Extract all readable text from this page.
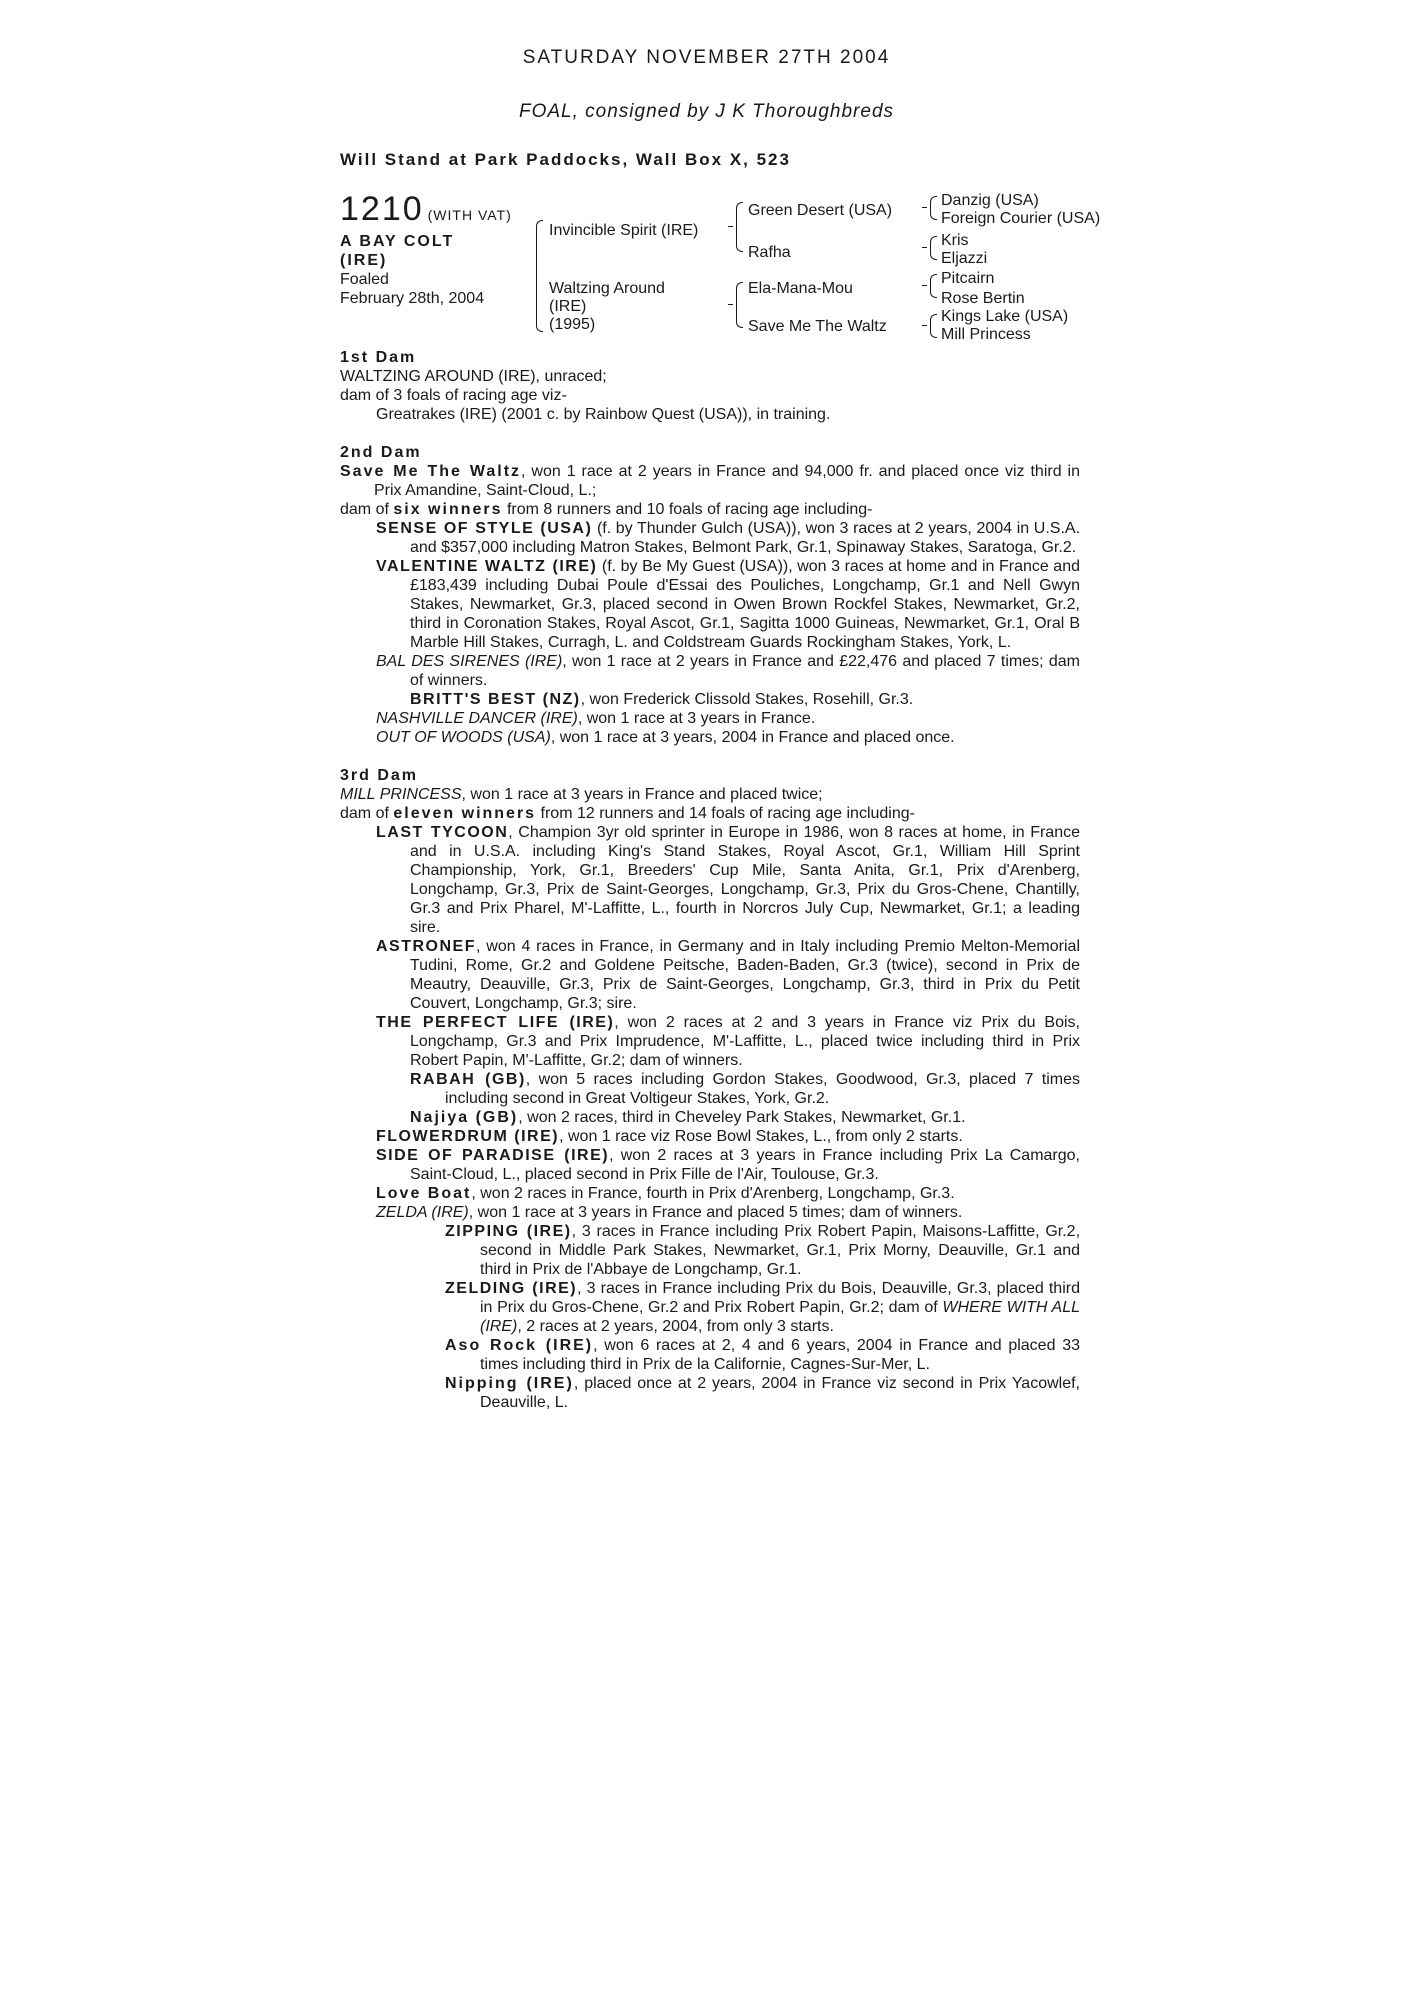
SATURDAY NOVEMBER 27TH 2004
FOAL, consigned by J K Thoroughbreds
Will Stand at Park Paddocks, Wall Box X, 523
1210 (WITH VAT)
A BAY COLT
(IRE)
Foaled
February 28th, 2004
Invincible Spirit (IRE)
Waltzing Around
(IRE)
(1995)
Green Desert (USA)
Rafha
Ela-Mana-Mou
Save Me The Waltz
Danzig (USA)
Foreign Courier (USA)
Kris
Eljazzi
Pitcairn
Rose Bertin
Kings Lake (USA)
Mill Princess

1st Dam

WALTZING AROUND (IRE), unraced;

dam of 3 foals of racing age viz-

Greatrakes (IRE) (2001 c. by Rainbow Quest (USA)), in training.

2nd Dam

Save Me The Waltz, won 1 race at 2 years in France and 94,000 fr. and placed once viz third in Prix Amandine, Saint-Cloud, L.;

dam of six winners from 8 runners and 10 foals of racing age including-

SENSE OF STYLE (USA) (f. by Thunder Gulch (USA)), won 3 races at 2 years, 2004 in U.S.A. and $357,000 including Matron Stakes, Belmont Park, Gr.1, Spinaway Stakes, Saratoga, Gr.2.

VALENTINE WALTZ (IRE) (f. by Be My Guest (USA)), won 3 races at home and in France and £183,439 including Dubai Poule d'Essai des Pouliches, Longchamp, Gr.1 and Nell Gwyn Stakes, Newmarket, Gr.3, placed second in Owen Brown Rockfel Stakes, Newmarket, Gr.2, third in Coronation Stakes, Royal Ascot, Gr.1, Sagitta 1000 Guineas, Newmarket, Gr.1, Oral B Marble Hill Stakes, Curragh, L. and Coldstream Guards Rockingham Stakes, York, L.

BAL DES SIRENES (IRE), won 1 race at 2 years in France and £22,476 and placed 7 times; dam of winners.

BRITT'S BEST (NZ), won Frederick Clissold Stakes, Rosehill, Gr.3.

NASHVILLE DANCER (IRE), won 1 race at 3 years in France.

OUT OF WOODS (USA), won 1 race at 3 years, 2004 in France and placed once.

3rd Dam

MILL PRINCESS, won 1 race at 3 years in France and placed twice;

dam of eleven winners from 12 runners and 14 foals of racing age including-

LAST TYCOON, Champion 3yr old sprinter in Europe in 1986, won 8 races at home, in France and in U.S.A. including King's Stand Stakes, Royal Ascot, Gr.1, William Hill Sprint Championship, York, Gr.1, Breeders' Cup Mile, Santa Anita, Gr.1, Prix d'Arenberg, Longchamp, Gr.3, Prix de Saint-Georges, Longchamp, Gr.3, Prix du Gros-Chene, Chantilly, Gr.3 and Prix Pharel, M'-Laffitte, L., fourth in Norcros July Cup, Newmarket, Gr.1; a leading sire.

ASTRONEF, won 4 races in France, in Germany and in Italy including Premio Melton-Memorial Tudini, Rome, Gr.2 and Goldene Peitsche, Baden-Baden, Gr.3 (twice), second in Prix de Meautry, Deauville, Gr.3, Prix de Saint-Georges, Longchamp, Gr.3, third in Prix du Petit Couvert, Longchamp, Gr.3; sire.

THE PERFECT LIFE (IRE), won 2 races at 2 and 3 years in France viz Prix du Bois, Longchamp, Gr.3 and Prix Imprudence, M'-Laffitte, L., placed twice including third in Prix Robert Papin, M'-Laffitte, Gr.2; dam of winners.

RABAH (GB), won 5 races including Gordon Stakes, Goodwood, Gr.3, placed 7 times including second in Great Voltigeur Stakes, York, Gr.2.

Najiya (GB), won 2 races, third in Cheveley Park Stakes, Newmarket, Gr.1.

FLOWERDRUM (IRE), won 1 race viz Rose Bowl Stakes, L., from only 2 starts.

SIDE OF PARADISE (IRE), won 2 races at 3 years in France including Prix La Camargo, Saint-Cloud, L., placed second in Prix Fille de l'Air, Toulouse, Gr.3.

Love Boat, won 2 races in France, fourth in Prix d'Arenberg, Longchamp, Gr.3.

ZELDA (IRE), won 1 race at 3 years in France and placed 5 times; dam of winners.

ZIPPING (IRE), 3 races in France including Prix Robert Papin, Maisons-Laffitte, Gr.2, second in Middle Park Stakes, Newmarket, Gr.1, Prix Morny, Deauville, Gr.1 and third in Prix de l'Abbaye de Longchamp, Gr.1.

ZELDING (IRE), 3 races in France including Prix du Bois, Deauville, Gr.3, placed third in Prix du Gros-Chene, Gr.2 and Prix Robert Papin, Gr.2; dam of WHERE WITH ALL (IRE), 2 races at 2 years, 2004, from only 3 starts.

Aso Rock (IRE), won 6 races at 2, 4 and 6 years, 2004 in France and placed 33 times including third in Prix de la Californie, Cagnes-Sur-Mer, L.

Nipping (IRE), placed once at 2 years, 2004 in France viz second in Prix Yacowlef, Deauville, L.
